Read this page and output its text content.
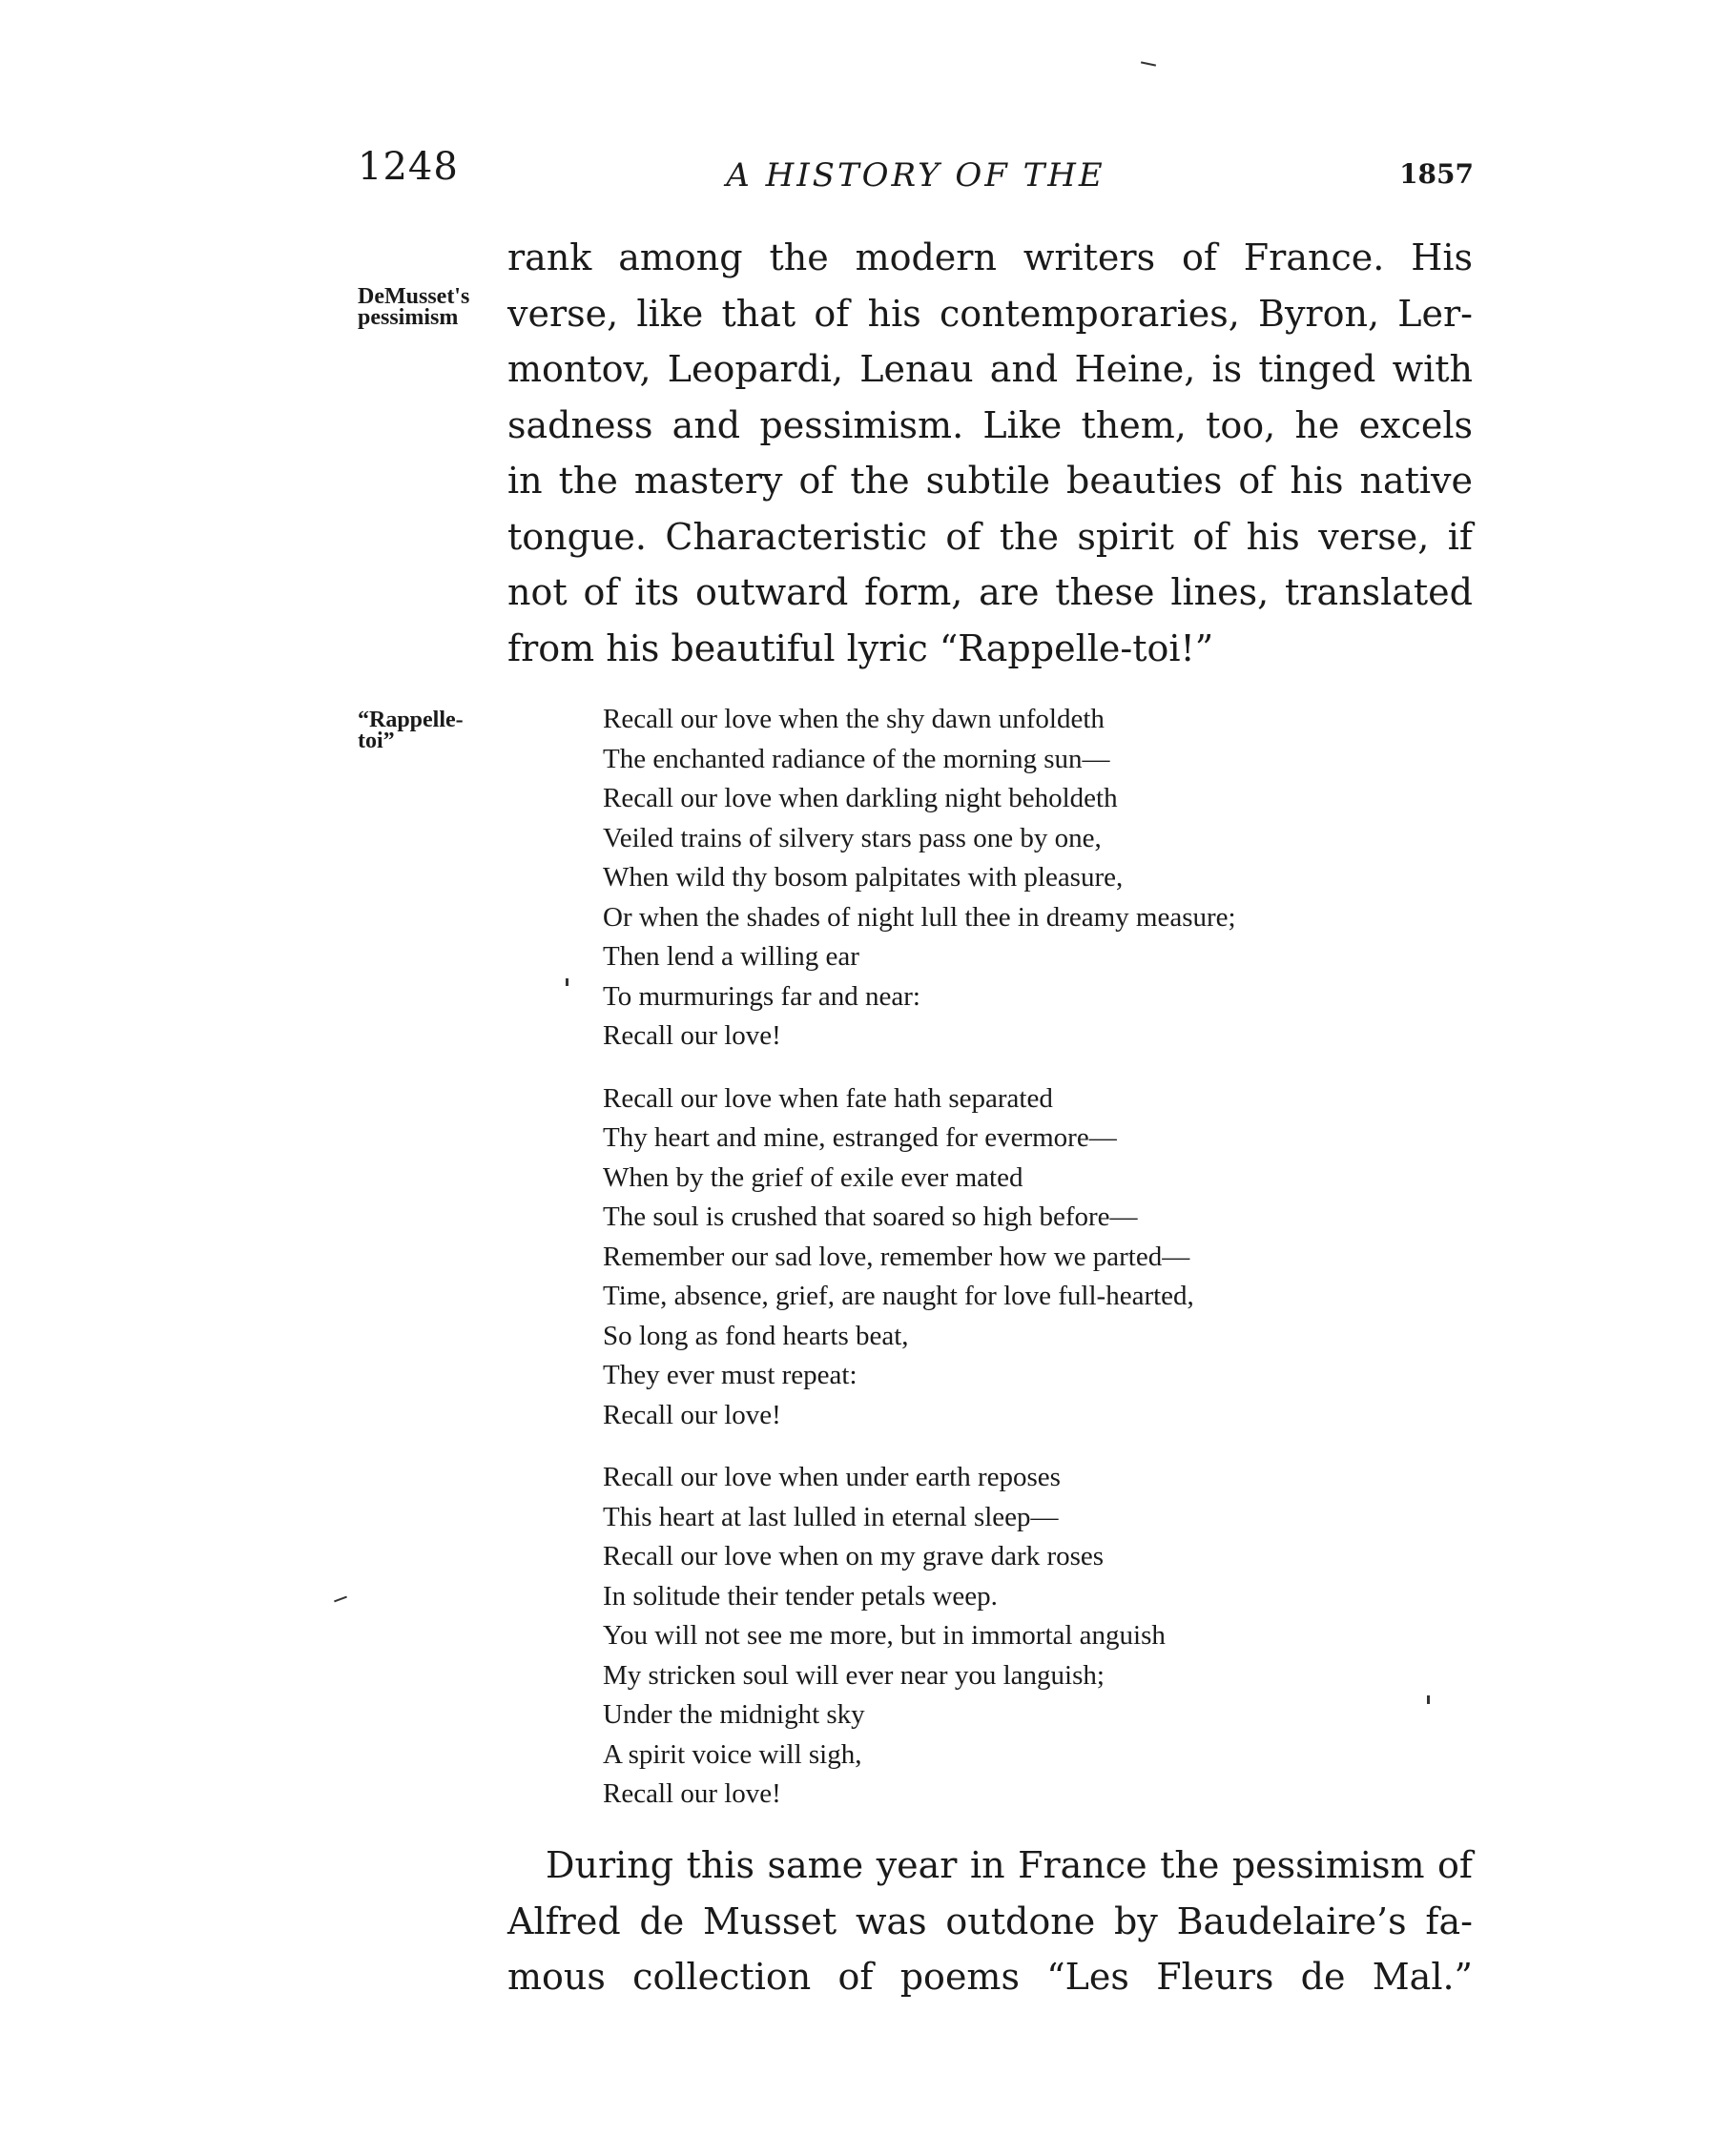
1248	A HISTORY OF THE	1857
DeMusset's
pessimism
rank among the modern writers of France. His
verse, like that of his contemporaries, Byron, Ler-
montov, Leopardi, Lenau and Heine, is tinged with
sadness and pessimism. Like them, too, he excels
in the mastery of the subtile beauties of his native
tongue. Characteristic of the spirit of his verse, if
not of its outward form, are these lines, translated
from his beautiful lyric “Rappelle-toi!”
“Rappelle-
toi”
Recall our love when the shy dawn unfoldeth
The enchanted radiance of the morning sun—
Recall our love when darkling night beholdeth
Veiled trains of silvery stars pass one by one,
When wild thy bosom palpitates with pleasure,
Or when the shades of night lull thee in dreamy measure;
Then lend a willing ear
To murmurings far and near:
Recall our love!
Recall our love when fate hath separated
Thy heart and mine, estranged for evermore—
When by the grief of exile ever mated
The soul is crushed that soared so high before—
Remember our sad love, remember how we parted—
Time, absence, grief, are naught for love full-hearted,
So long as fond hearts beat,
They ever must repeat:
Recall our love!
Recall our love when under earth reposes
This heart at last lulled in eternal sleep—
Recall our love when on my grave dark roses
In solitude their tender petals weep.
You will not see me more, but in immortal anguish
My stricken soul will ever near you languish;
Under the midnight sky
A spirit voice will sigh,
Recall our love!
During this same year in France the pessimism of
Alfred de Musset was outdone by Baudelaire’s fa-
mous collection of poems “Les Fleurs de Mal.”
